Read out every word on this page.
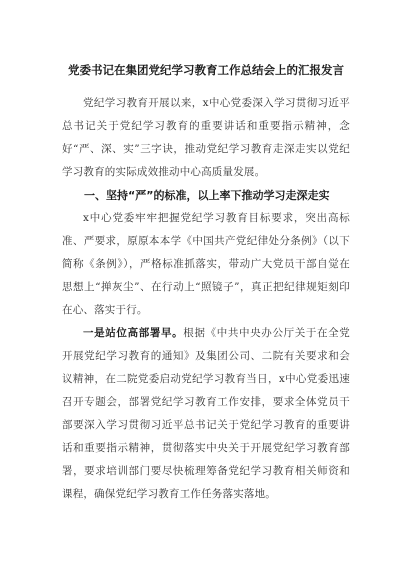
党委书记在集团党纪学习教育工作总结会上的汇报发言

党纪学习教育开展以来，x中心党委深入学习贯彻习近平总书记关于党纪学习教育的重要讲话和重要指示精神，念好“严、深、实”三字诀，推动党纪学习教育走深走实以党纪学习教育的实际成效推动中心高质量发展。

一、坚持“严”的标准，以上率下推动学习走深走实

x中心党委牢牢把握党纪学习教育目标要求，突出高标准、严要求，原原本本学《中国共产党纪律处分条例》（以下简称《条例》），严格标准抓落实，带动广大党员干部自觉在思想上“掸灰尘”、在行动上“照镜子”，真正把纪律规矩刻印在心、落实于行。

一是站位高部署早。根据《中共中央办公厅关于在全党开展党纪学习教育的通知》及集团公司、二院有关要求和会议精神，在二院党委启动党纪学习教育当日，x中心党委迅速召开专题会，部署党纪学习教育工作安排，要求全体党员干部要深入学习贯彻习近平总书记关于党纪学习教育的重要讲话和重要指示精神，贯彻落实中央关于开展党纪学习教育部署，要求培训部门要尽快梳理筹备党纪学习教育相关师资和课程，确保党纪学习教育工作任务落实落地。
